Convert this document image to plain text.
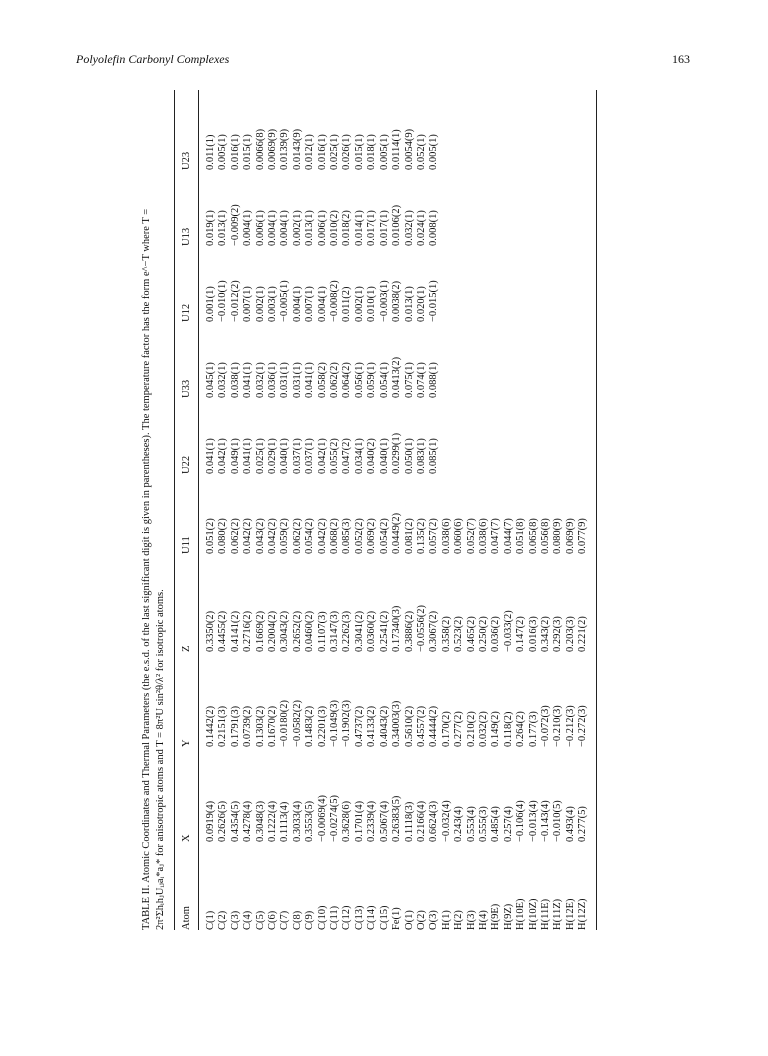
Polyolefin Carbonyl Complexes	163
TABLE II. Atomic Coordinates and Thermal Parameters (the e.s.d. of the last significant digit is given in parentheses). The temperature factor has the form e^−T where T = 2π²ΣhᵢhⱼUᵢⱼaᵢ*aⱼ* for anisotropic atoms and T = 8π²U sin²θ/λ² for isotropic atoms. Atom	X	Y	Z	U11	U22	U33	U12	U13	U23
C(1)	0.0919(4)	0.1442(2)	0.3350(2)	0.051(2)	0.041(1)	0.045(1)	0.001(1)	0.019(1)	0.011(1)
C(2)	0.2626(5)	0.2151(3)	0.4455(2)	0.080(2)	0.042(1)	0.032(1)	−0.010(1)	0.013(1)	0.005(1)
C(3)	0.4354(5)	0.1791(3)	0.4141(2)	0.062(2)	0.049(1)	0.038(1)	−0.012(2)	−0.009(2)	0.016(1)
C(4)	0.4278(4)	0.0739(2)	0.2716(2)	0.042(2)	0.041(1)	0.041(1)	0.007(1)	0.004(1)	0.015(1)
C(5)	0.3048(3)	0.1303(2)	0.1669(2)	0.043(2)	0.025(1)	0.032(1)	0.002(1)	0.006(1)	0.0066(8)
C(6)	0.1222(4)	0.1670(2)	0.2004(2)	0.042(2)	0.029(1)	0.036(1)	0.003(1)	0.004(1)	0.0069(9)
C(7)	0.1113(4)	−0.0180(2)	0.3043(2)	0.059(2)	0.040(1)	0.031(1)	−0.005(1)	0.004(1)	0.0139(9)
C(8)	0.3033(4)	−0.0582(2)	0.2652(2)	0.062(2)	0.037(1)	0.031(1)	0.004(1)	0.002(1)	0.0143(9)
C(9)	0.3553(5)	0.1483(2)	0.0460(2)	0.054(2)	0.037(1)	0.041(1)	0.007(1)	0.013(1)	0.012(1)
C(10)	−0.0069(4)	0.2201(3)	0.1107(3)	0.042(2)	0.042(1)	0.058(2)	0.004(1)	0.006(1)	0.016(1)
C(11)	−0.0274(5)	−0.1049(3)	0.3147(3)	0.068(2)	0.055(2)	0.062(2)	−0.008(2)	0.010(2)	0.025(1)
C(12)	0.3628(6)	−0.1902(3)	0.2262(3)	0.085(3)	0.047(2)	0.064(2)	0.011(2)	0.018(2)	0.026(1)
C(13)	0.1701(4)	0.4737(2)	0.3041(2)	0.052(2)	0.034(1)	0.056(1)	0.002(1)	0.014(1)	0.015(1)
C(14)	0.2339(4)	0.4133(2)	0.0360(2)	0.069(2)	0.040(2)	0.059(1)	0.010(1)	0.017(1)	0.018(1)
C(15)	0.5067(4)	0.4043(2)	0.2541(2)	0.054(2)	0.040(1)	0.054(1)	−0.003(1)	0.017(1)	0.005(1)
Fe(1)	0.26383(5)	0.34003(3)	0.17340(3)	0.0449(2)	0.0299(1)	0.0413(2)	0.0038(2)	0.0106(2)	0.0114(1)
O(1)	0.1118(3)	0.5610(2)	0.3886(2)	0.081(2)	0.050(1)	0.075(1)	0.013(1)	0.032(1)	0.0054(9)
O(2)	0.2166(4)	0.4557(2)	−0.0556(2)	0.135(2)	0.083(1)	0.074(1)	0.020(1)	0.024(1)	0.052(1)
O(3)	0.6624(3)	0.4444(2)	0.3067(2)	0.057(2)	0.085(1)	0.088(1)	−0.015(1)	0.008(1)	0.005(1)
H(1)	−0.032(4)	0.170(2)	0.358(2)	0.038(6)					
H(2)	0.243(4)	0.277(2)	0.523(2)	0.060(6)					
H(3)	0.553(4)	0.210(2)	0.465(2)	0.052(7)					
H(4)	0.555(3)	0.032(2)	0.250(2)	0.038(6)					
H(9E)	0.485(4)	0.149(2)	0.036(2)	0.047(7)					
H(9Z)	0.257(4)	0.118(2)	−0.033(2)	0.044(7)					
H(10E)	−0.106(4)	0.264(2)	0.147(2)	0.051(8)					
H(10Z)	−0.013(4)	0.177(3)	0.016(3)	0.065(8)					
H(11E)	−0.143(4)	−0.072(3)	0.343(2)	0.056(8)					
H(11Z)	−0.010(5)	−0.210(3)	0.292(3)	0.080(9)					
H(12E)	0.493(4)	−0.212(3)	0.203(3)	0.069(9)					
H(12Z)	0.277(5)	−0.272(3)	0.221(2)	0.077(9)					
